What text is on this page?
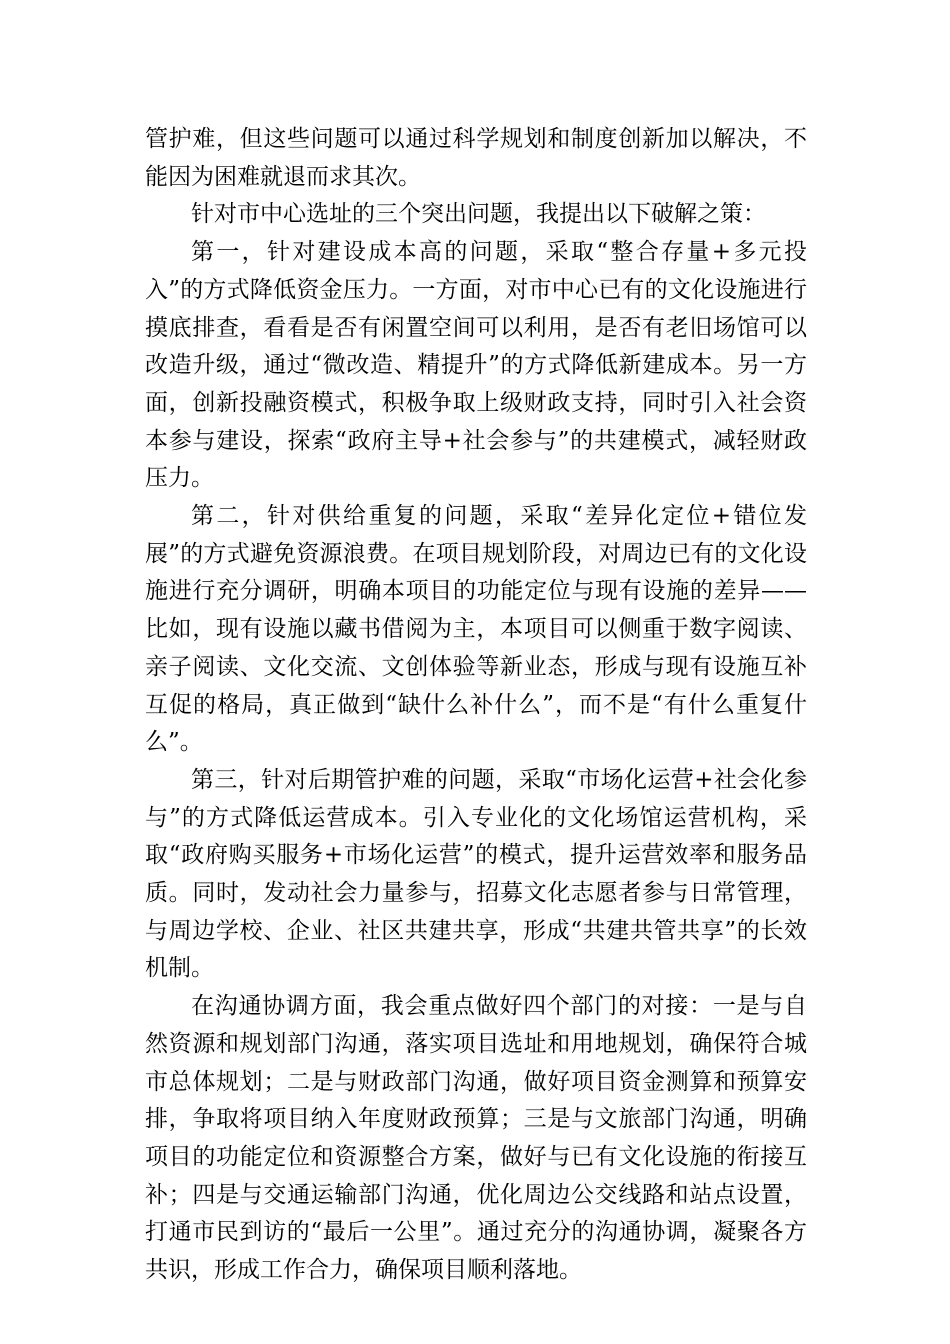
管护难，但这些问题可以通过科学规划和制度创新加以解决，不能因为困难就退而求其次。

针对市中心选址的三个突出问题，我提出以下破解之策：

第一，针对建设成本高的问题，采取“整合存量+多元投入”的方式降低资金压力。一方面，对市中心已有的文化设施进行摸底排查，看看是否有闲置空间可以利用，是否有老旧场馆可以改造升级，通过“微改造、精提升”的方式降低新建成本。另一方面，创新投融资模式，积极争取上级财政支持，同时引入社会资本参与建设，探索“政府主导+社会参与”的共建模式，减轻财政压力。

第二，针对供给重复的问题，采取“差异化定位+错位发展”的方式避免资源浪费。在项目规划阶段，对周边已有的文化设施进行充分调研，明确本项目的功能定位与现有设施的差异——比如，现有设施以藏书借阅为主，本项目可以侧重于数字阅读、亲子阅读、文化交流、文创体验等新业态，形成与现有设施互补互促的格局，真正做到“缺什么补什么”，而不是“有什么重复什么”。

第三，针对后期管护难的问题，采取“市场化运营+社会化参与”的方式降低运营成本。引入专业化的文化场馆运营机构，采取“政府购买服务+市场化运营”的模式，提升运营效率和服务品质。同时，发动社会力量参与，招募文化志愿者参与日常管理，与周边学校、企业、社区共建共享，形成“共建共管共享”的长效机制。

在沟通协调方面，我会重点做好四个部门的对接：一是与自然资源和规划部门沟通，落实项目选址和用地规划，确保符合城市总体规划；二是与财政部门沟通，做好项目资金测算和预算安排，争取将项目纳入年度财政预算；三是与文旅部门沟通，明确项目的功能定位和资源整合方案，做好与已有文化设施的衔接互补；四是与交通运输部门沟通，优化周边公交线路和站点设置，打通市民到访的“最后一公里”。通过充分的沟通协调，凝聚各方共识，形成工作合力，确保项目顺利落地。
